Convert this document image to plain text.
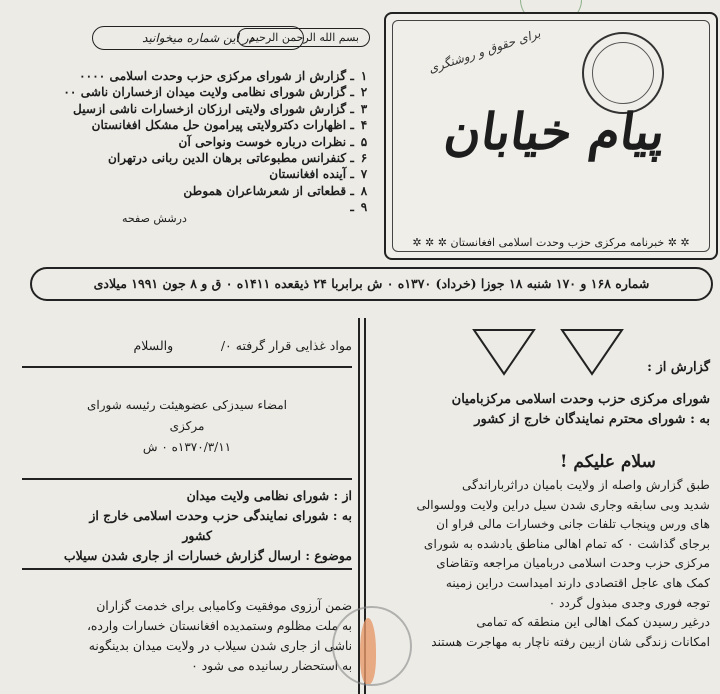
برای حقوق و روشنگری
پیام خیابان
✲ ✲ خبرنامه مرکزی حزب وحدت اسلامی افغانستان ✲ ✲ ✲
بسم الله الرحمن الرحیم
در این شماره میخوانید
۱ـ گزارش از شورای مرکزی حزب وحدت اسلامی ۰۰۰۰
۲ـ گزارش شورای نظامی ولایت میدان ازخساران ناشی ۰۰
۳ـ گزارش شورای ولایتی ارزکان ازخسارات ناشی ازسیل
۴ـ اظهارات دکترولایتی پیرامون حل مشکل افغانستان
۵ـ نظرات درباره خوست ونواحی آن
۶ـ کنفرانس مطبوعاتی برهان الدین ربانی درتهران
۷ـ آینده افغانستان
۸ـ قطعاتی از شعرشاعران هموطن
۹ـ
درشش صفحه
شماره ۱۶۸ و ۱۷۰ شنبه ۱۸ جوزا (خرداد) ۱۳۷۰ه ۰ ش برابربا ۲۴ ذیقعده ۱۴۱۱ه ۰ ق و ۸ جون ۱۹۹۱ میلادی
مواد غذایی قرار گرفته ۰/            والسلام
امضاء سیدزکی عضوهیئت رئیسه شورای
مرکزی
۱۳۷۰/۳/۱۱ه ۰ ش
از : شورای نظامی ولایت میدان
به : شورای نمایندگی حزب وحدت اسلامی خارج از
کشور
موضوع : ارسال گزارش خسارات از جاری شدن سیلاب
ضمن آرزوی موفقیت وکامیابی برای خدمت گزاران
به ملت مظلوم وستمدیده افغانستان خسارات وارده،
ناشی از جاری شدن سیلاب در ولایت میدان بدینگونه
به استحضار رسانیده می شود ۰
گزارش از :
شورای مرکزی حزب وحدت اسلامی مرکزبامیان
به : شورای محترم نمایندگان خارج از کشور
سلام علیکم !
طبق گزارش واصله از ولایت بامیان دراثرباراندگی
شدید وبی سابقه وجاری شدن سیل دراین ولایت وولسوالی
های ورس وپنجاب تلفات جانی وخسارات مالی فراو ان
برجای گذاشت ۰ که تمام اهالی مناطق یادشده به شورای
مرکزی حزب وحدت اسلامی دربامیان مراجعه وتقاضای
کمک های عاجل اقتصادی دارند امیداست دراین زمینه
توجه فوری وجدی مبذول گردد ۰
درغیر رسیدن کمک اهالی این منطقه که تمامی
امکانات زندگی شان ازبین رفته ناچار به مهاجرت هستند
